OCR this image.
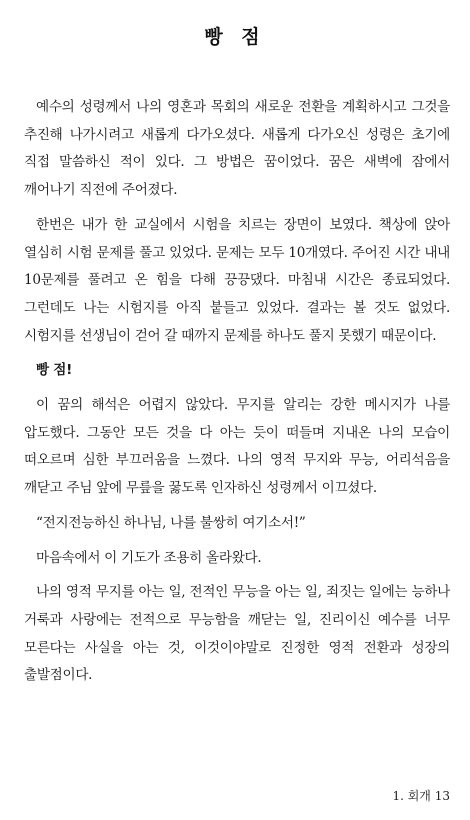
빵 점

예수의 성령께서 나의 영혼과 목회의 새로운 전환을 계획하시고 그것을 추진해 나가시려고 새롭게 다가오셨다. 새롭게 다가오신 성령은 초기에 직접 말씀하신 적이 있다. 그 방법은 꿈이었다. 꿈은 새벽에 잠에서 깨어나기 직전에 주어졌다.

한번은 내가 한 교실에서 시험을 치르는 장면이 보였다. 책상에 앉아 열심히 시험 문제를 풀고 있었다. 문제는 모두 10개였다. 주어진 시간 내내 10문제를 풀려고 온 힘을 다해 끙끙댔다. 마침내 시간은 종료되었다. 그런데도 나는 시험지를 아직 붙들고 있었다. 결과는 볼 것도 없었다. 시험지를 선생님이 걷어 갈 때까지 문제를 하나도 풀지 못했기 때문이다.

빵 점!

이 꿈의 해석은 어렵지 않았다. 무지를 알리는 강한 메시지가 나를 압도했다. 그동안 모든 것을 다 아는 듯이 떠들며 지내온 나의 모습이 떠오르며 심한 부끄러움을 느꼈다. 나의 영적 무지와 무능, 어리석음을 깨닫고 주님 앞에 무릎을 꿇도록 인자하신 성령께서 이끄셨다.

“전지전능하신 하나님, 나를 불쌍히 여기소서!”

마음속에서 이 기도가 조용히 올라왔다.

나의 영적 무지를 아는 일, 전적인 무능을 아는 일, 죄짓는 일에는 능하나 거룩과 사랑에는 전적으로 무능함을 깨닫는 일, 진리이신 예수를 너무 모른다는 사실을 아는 것, 이것이야말로 진정한 영적 전환과 성장의 출발점이다.

1. 회개 13
